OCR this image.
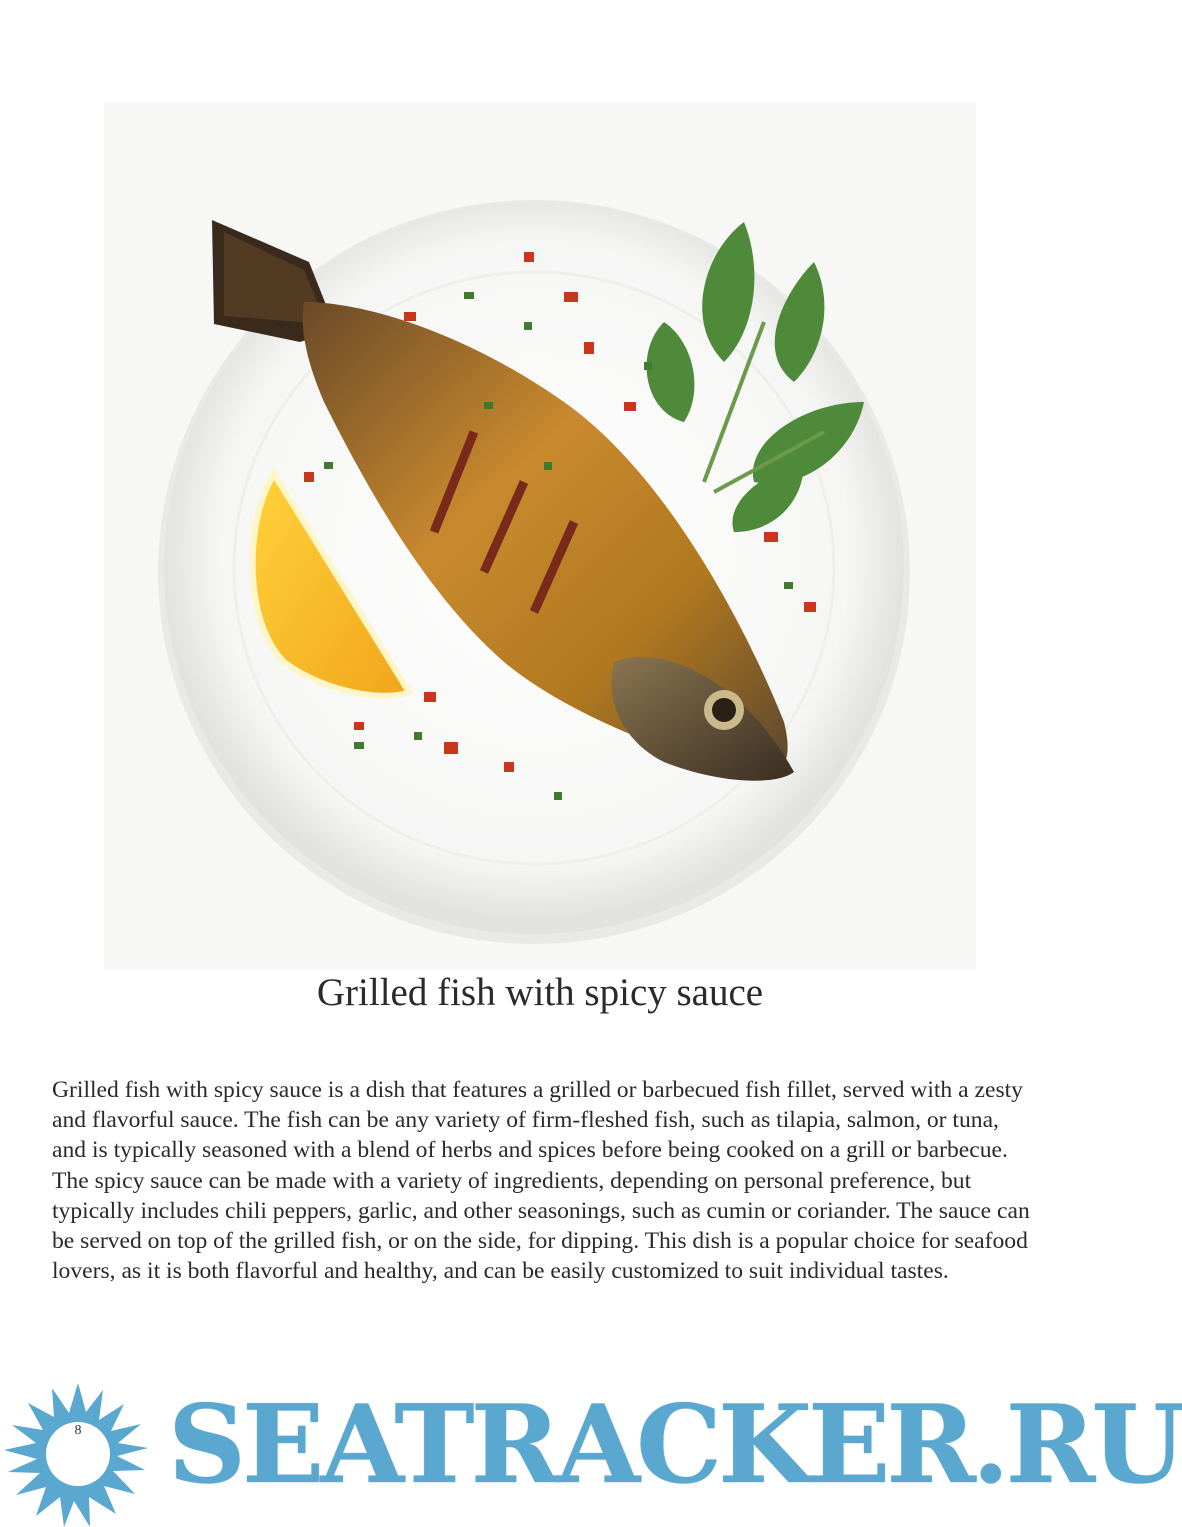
Grilled fish with spicy sauce
Grilled fish with spicy sauce is a dish that features a grilled or barbecued fish fillet, served with a zesty and flavorful sauce. The fish can be any variety of firm-fleshed fish, such as tilapia, salmon, or tuna, and is typically seasoned with a blend of herbs and spices before being cooked on a grill or barbecue. The spicy sauce can be made with a variety of ingredients, depending on personal preference, but typically includes chili peppers, garlic, and other seasonings, such as cumin or coriander. The sauce can be served on top of the grilled fish, or on the side, for dipping. This dish is a popular choice for seafood lovers, as it is both flavorful and healthy, and can be easily customized to suit individual tastes.
8 SEATRACKER.RU
